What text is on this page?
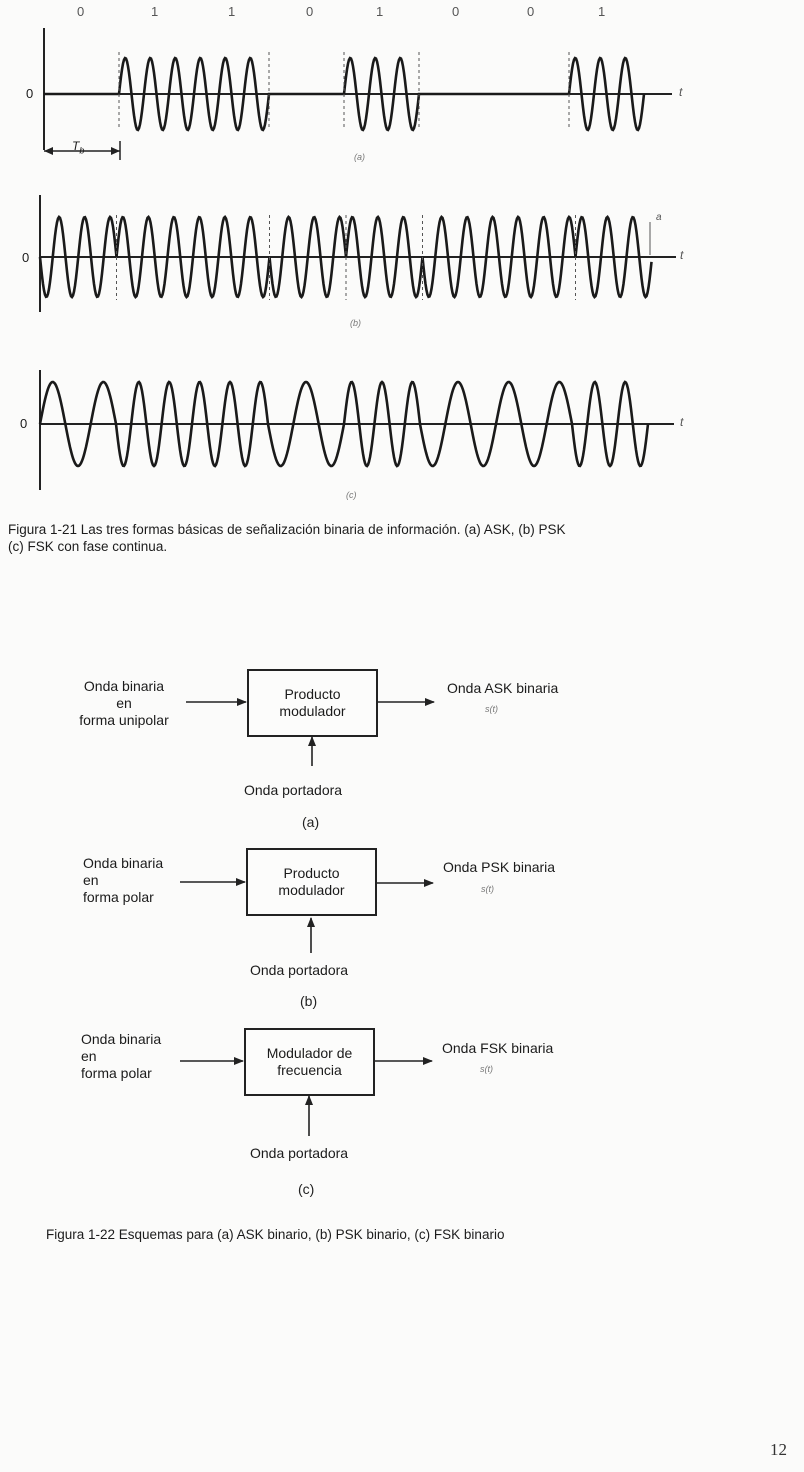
0	1	1	0	1	0	0	1
0	t
$T_b$
(a)
0	t
a
(b)
0	t
(c)
Figura 1-21 Las tres formas básicas de señalización binaria de información. (a) ASK, (b) PSK
(c) FSK con fase continua.
Onda binaria
en
forma unipolar
Producto
modulador
Onda ASK binaria
s(t)
Onda portadora
(a)
Onda binaria
en
forma polar
Producto
modulador
Onda PSK binaria
s(t)
Onda portadora
(b)
Onda binaria
en
forma polar
Modulador de
frecuencia
Onda FSK binaria
s(t)
Onda portadora
(c)
Figura 1-22 Esquemas para (a) ASK binario, (b) PSK binario, (c) FSK binario
12
